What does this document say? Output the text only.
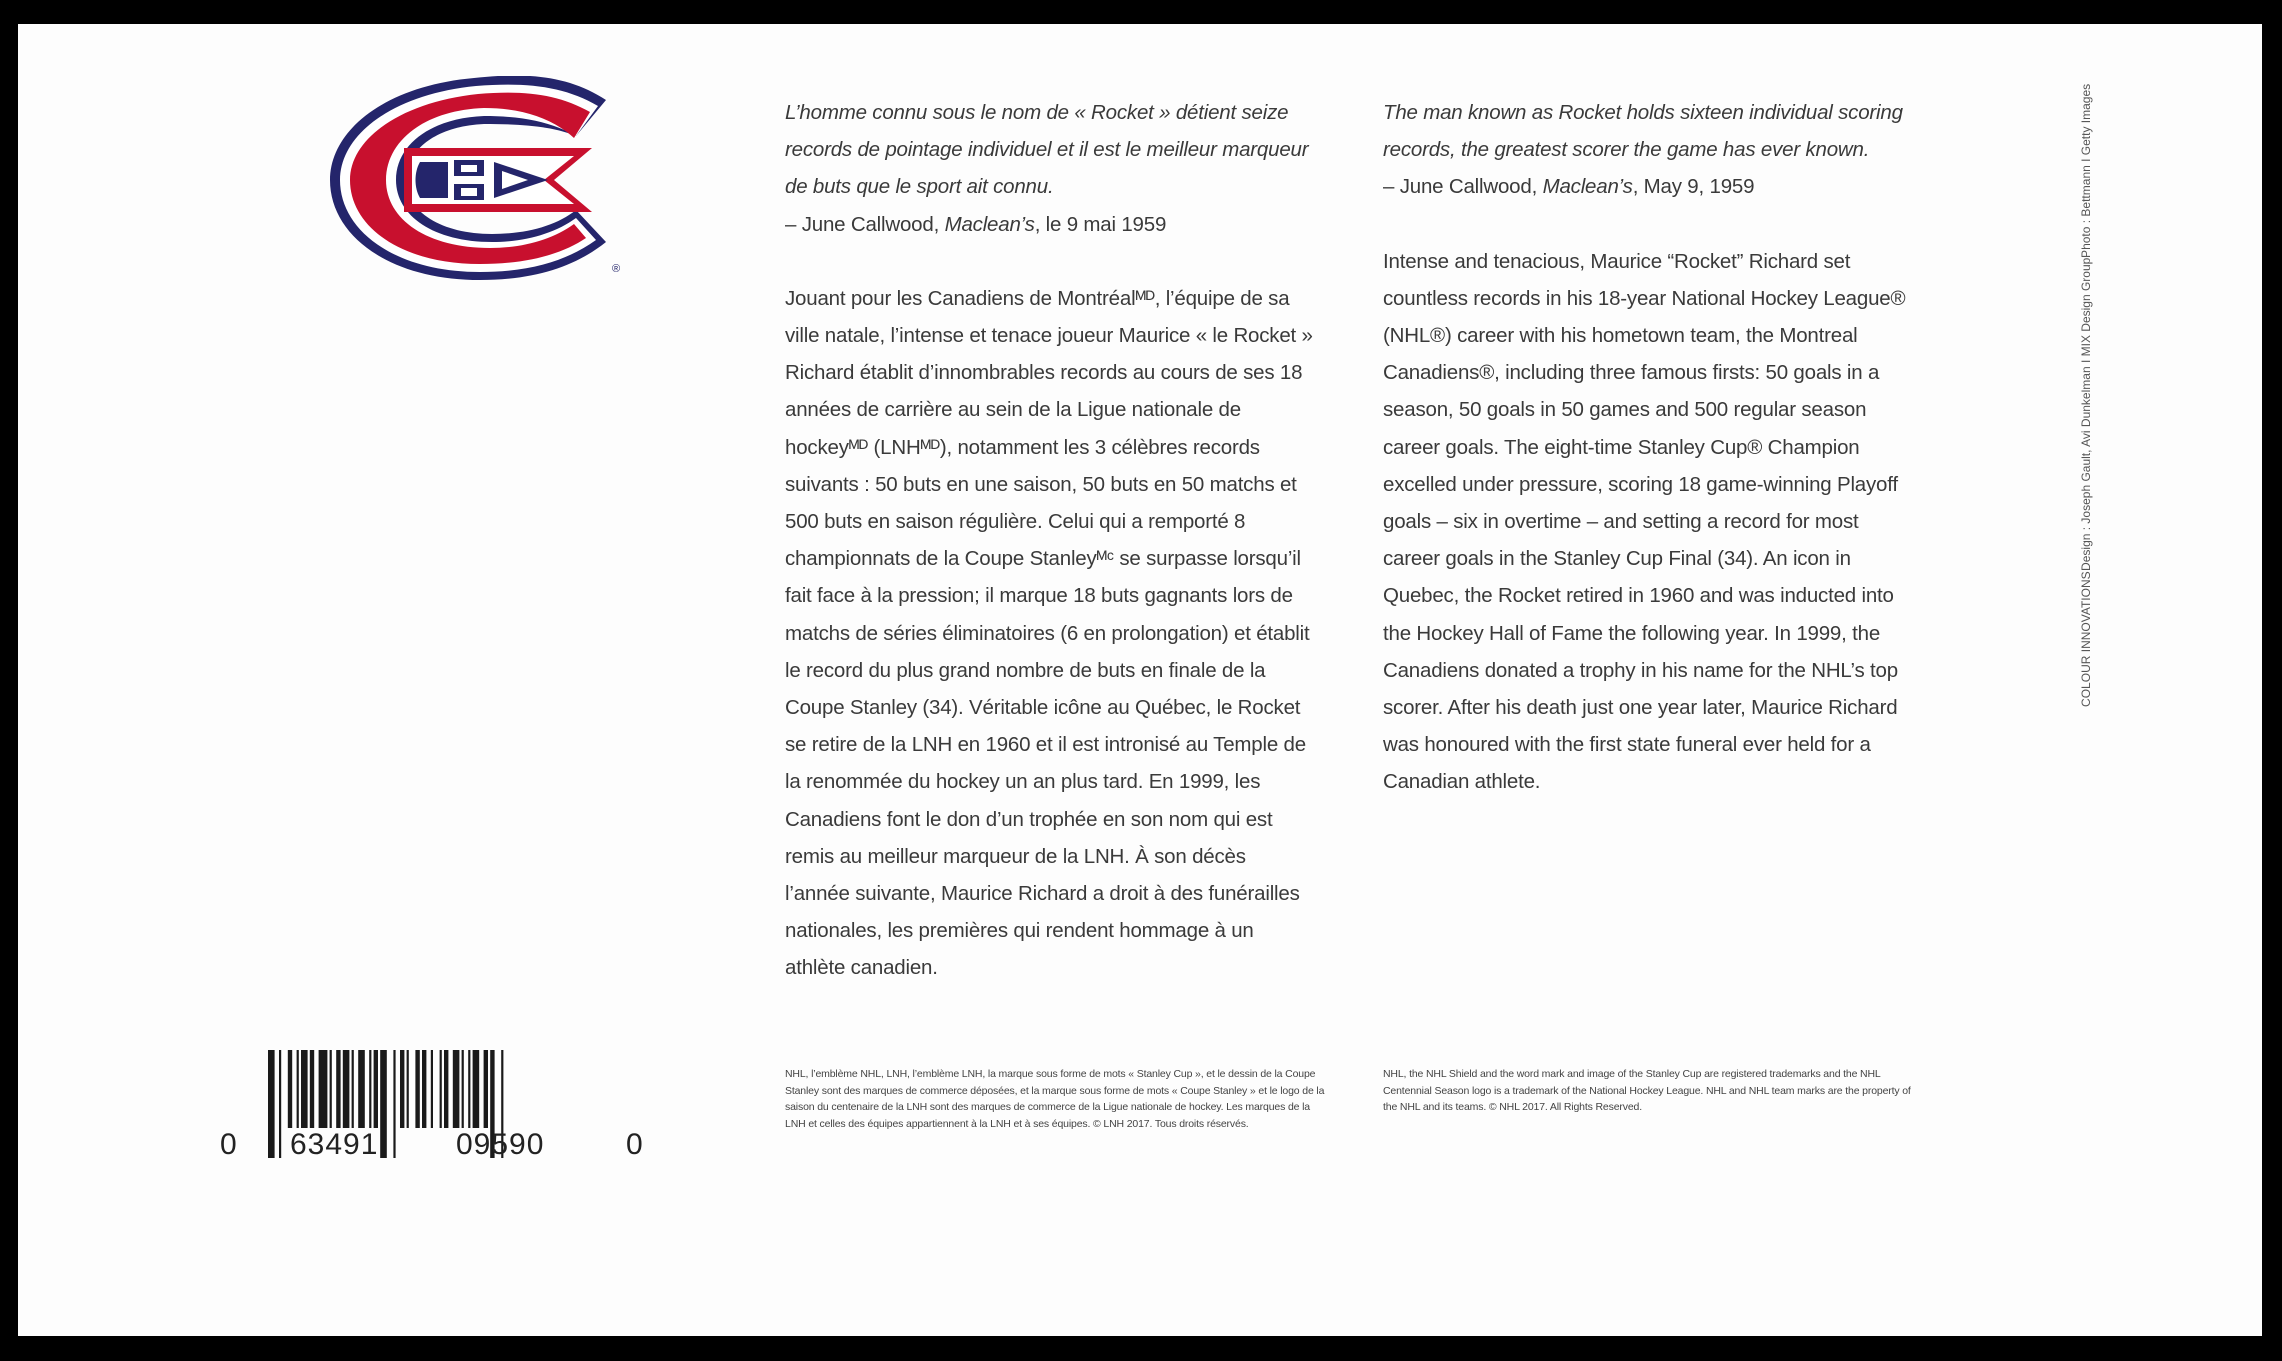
®

L’homme connu sous le nom de « Rocket » détient seize records de pointage individuel et il est le meilleur marqueur de buts que le sport ait connu.
– June Callwood, Maclean’s, le 9 mai 1959

Jouant pour les Canadiens de Montréalᴹᴰ, l’équipe de sa ville natale, l’intense et tenace joueur Maurice « le Rocket » Richard établit d’innombrables records au cours de ses 18 années de carrière au sein de la Ligue nationale de hockeyᴹᴰ (LNHᴹᴰ), notamment les 3 célèbres records suivants : 50 buts en une saison, 50 buts en 50 matchs et 500 buts en saison régulière. Celui qui a remporté 8 championnats de la Coupe Stanleyᴹᶜ se surpasse lorsqu’il fait face à la pression; il marque 18 buts gagnants lors de matchs de séries éliminatoires (6 en prolongation) et établit le record du plus grand nombre de buts en finale de la Coupe Stanley (34). Véritable icône au Québec, le Rocket se retire de la LNH en 1960 et il est intronisé au Temple de la renommée du hockey un an plus tard. En 1999, les Canadiens font le don d’un trophée en son nom qui est remis au meilleur marqueur de la LNH. À son décès l’année suivante, Maurice Richard a droit à des funérailles nationales, les premières qui rendent hommage à un athlète canadien.

The man known as Rocket holds sixteen individual scoring records, the greatest scorer the game has ever known.
– June Callwood, Maclean’s, May 9, 1959

Intense and tenacious, Maurice “Rocket” Richard set countless records in his 18-year National Hockey League® (NHL®) career with his hometown team, the Montreal Canadiens®, including three famous firsts: 50 goals in a season, 50 goals in 50 games and 500 regular season career goals. The eight-time Stanley Cup® Champion excelled under pressure, scoring 18 game-winning Playoff goals – six in overtime – and setting a record for most career goals in the Stanley Cup Final (34). An icon in Quebec, the Rocket retired in 1960 and was inducted into the Hockey Hall of Fame the following year. In 1999, the Canadiens donated a trophy in his name for the NHL’s top scorer. After his death just one year later, Maurice Richard was honoured with the first state funeral ever held for a Canadian athlete.

COLOUR INNOVATIONS
Design : Joseph Gault, Avi Dunkelman I MIX Design Group
Photo : Bettmann I Getty Images
0 63491	09590	0
NHL, l’emblème NHL, LNH, l’emblème LNH, la marque sous forme de mots « Stanley Cup », et le dessin de la Coupe Stanley sont des marques de commerce déposées, et la marque sous forme de mots « Coupe Stanley » et le logo de la saison du centenaire de la LNH sont des marques de commerce de la Ligue nationale de hockey. Les marques de la LNH et celles des équipes appartiennent à la LNH et à ses équipes. © LNH 2017. Tous droits réservés.
NHL, the NHL Shield and the word mark and image of the Stanley Cup are registered trademarks and the NHL Centennial Season logo is a trademark of the National Hockey League. NHL and NHL team marks are the property of the NHL and its teams. © NHL 2017. All Rights Reserved.
